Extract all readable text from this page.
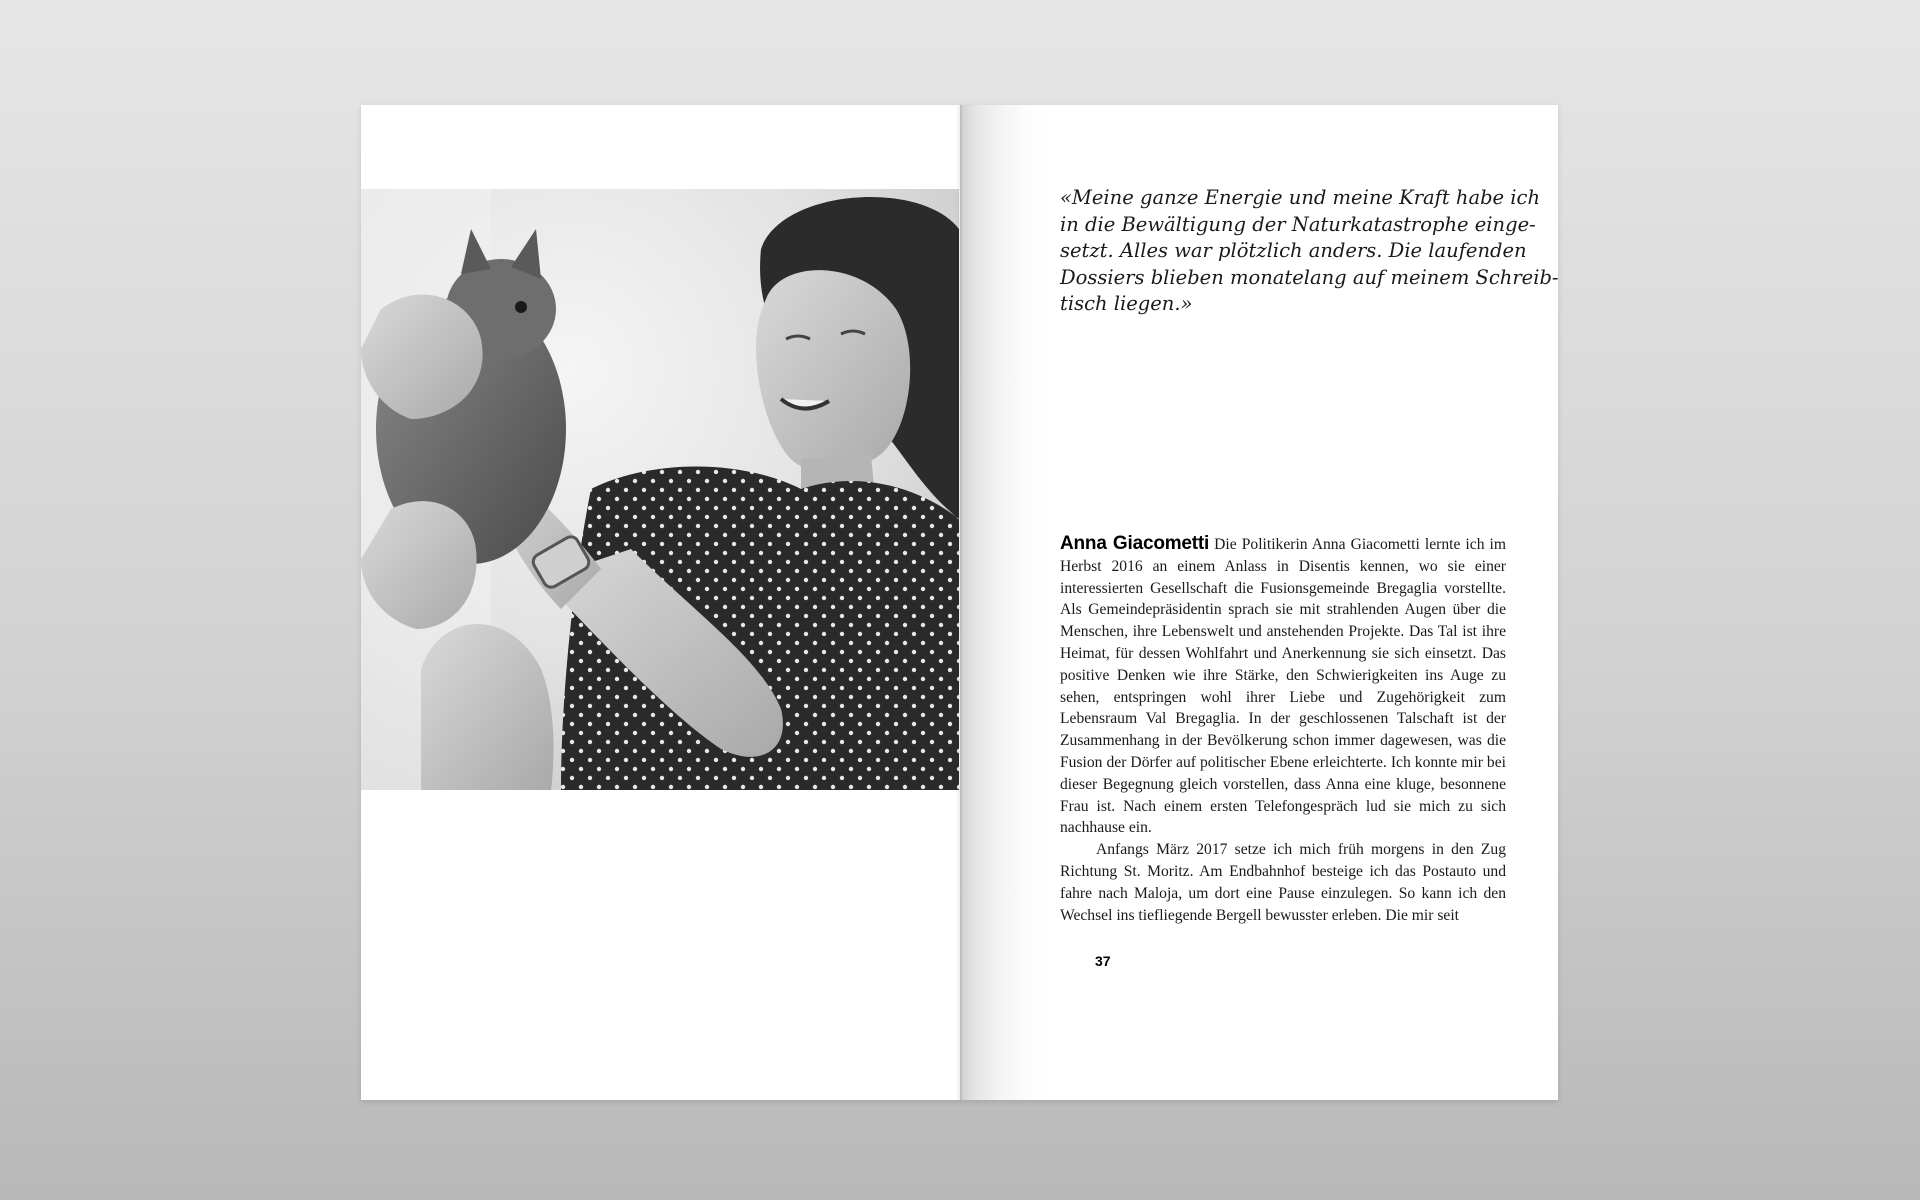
«Meine ganze Energie und meine Kraft habe ich
in die Bewältigung der Naturkatastrophe einge-
setzt. Alles war plötzlich anders. Die laufenden
Dossiers blieben monatelang auf meinem Schreib-
tisch liegen.»

Anna Giacometti Die Politikerin Anna Giacometti lernte ich im Herbst 2016 an einem Anlass in Disentis kennen, wo sie einer interessierten Gesellschaft die Fusionsgemeinde Bregaglia vorstellte. Als Gemeindepräsidentin sprach sie mit strahlenden Augen über die Menschen, ihre Lebenswelt und anstehenden Projekte. Das Tal ist ihre Heimat, für dessen Wohlfahrt und Anerkennung sie sich einsetzt. Das positive Denken wie ihre Stärke, den Schwierigkeiten ins Auge zu sehen, entspringen wohl ihrer Liebe und Zugehörigkeit zum Lebensraum Val Bregaglia. In der geschlossenen Talschaft ist der Zusammenhang in der Bevölkerung schon immer dagewesen, was die Fusion der Dörfer auf politischer Ebene erleichterte. Ich konnte mir bei dieser Begegnung gleich vorstellen, dass Anna eine kluge, besonnene Frau ist. Nach einem ersten Telefongespräch lud sie mich zu sich nachhause ein.

Anfangs März 2017 setze ich mich früh morgens in den Zug Richtung St. Moritz. Am Endbahnhof besteige ich das Postauto und fahre nach Maloja, um dort eine Pause einzulegen. So kann ich den Wechsel ins tiefliegende Bergell bewusster erleben. Die mir seit

37
